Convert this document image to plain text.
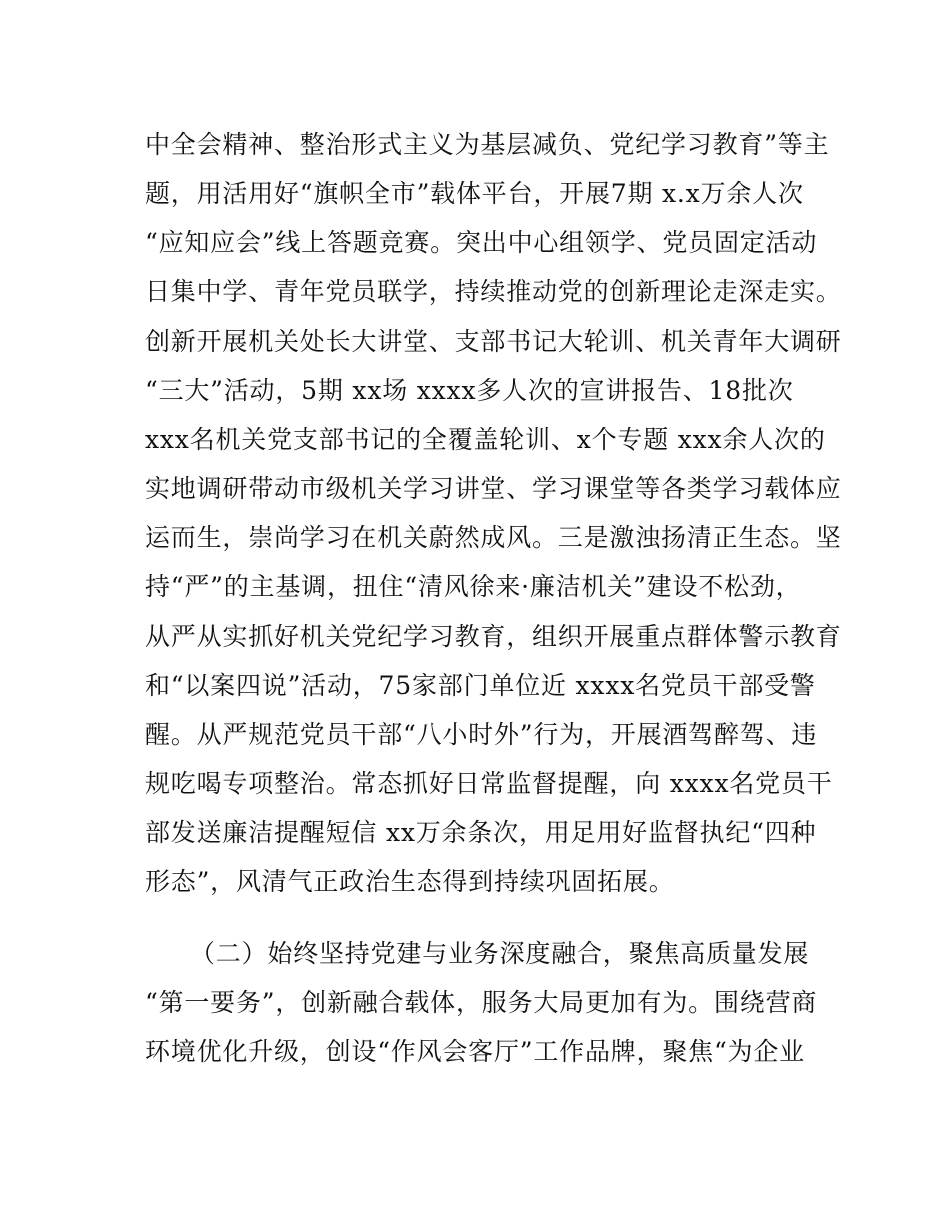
中全会精神、整治形式主义为基层减负、党纪学习教育”等主
题，用活用好“旗帜全市”载体平台，开展7期 x.x万余人次
“应知应会”线上答题竞赛。突出中心组领学、党员固定活动
日集中学、青年党员联学，持续推动党的创新理论走深走实。
创新开展机关处长大讲堂、支部书记大轮训、机关青年大调研
“三大”活动，5期 xx场 xxxx多人次的宣讲报告、18批次
xxx名机关党支部书记的全覆盖轮训、x个专题 xxx余人次的
实地调研带动市级机关学习讲堂、学习课堂等各类学习载体应
运而生，崇尚学习在机关蔚然成风。三是激浊扬清正生态。坚
持“严”的主基调，扭住“清风徐来·廉洁机关”建设不松劲，
从严从实抓好机关党纪学习教育，组织开展重点群体警示教育
和“以案四说”活动，75家部门单位近 xxxx名党员干部受警
醒。从严规范党员干部“八小时外”行为，开展酒驾醉驾、违
规吃喝专项整治。常态抓好日常监督提醒，向 xxxx名党员干
部发送廉洁提醒短信 xx万余条次，用足用好监督执纪“四种
形态”，风清气正政治生态得到持续巩固拓展。
（二）始终坚持党建与业务深度融合，聚焦高质量发展
“第一要务”，创新融合载体，服务大局更加有为。围绕营商
环境优化升级，创设“作风会客厅”工作品牌，聚焦“为企业
